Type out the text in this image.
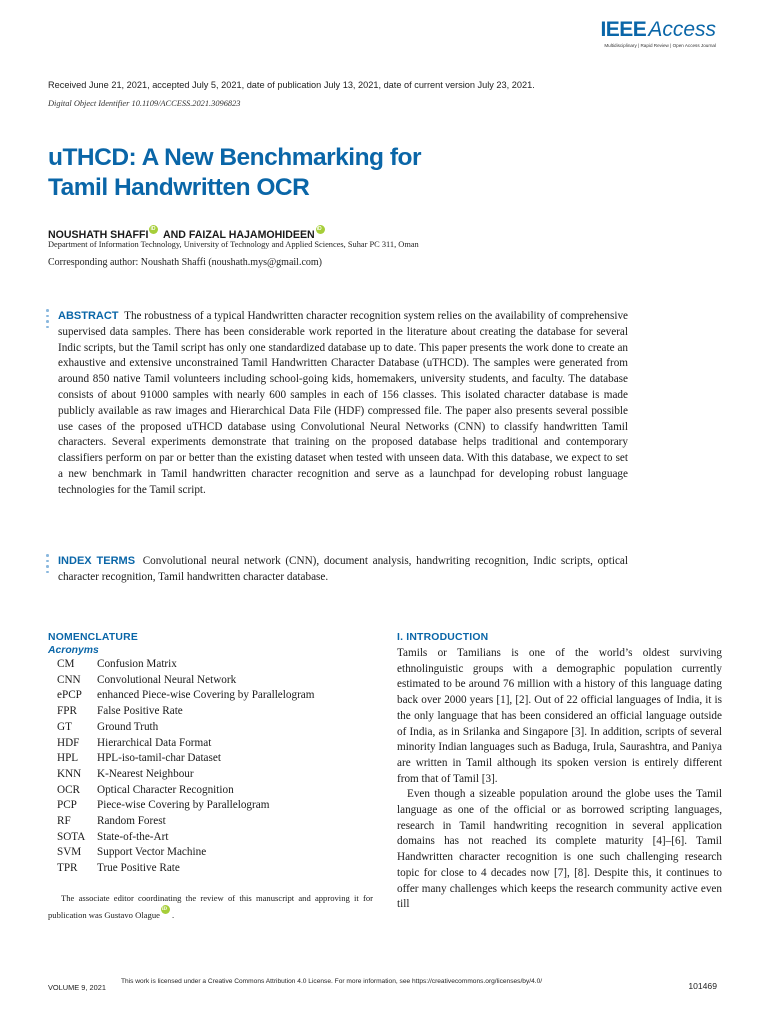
IEEEAccess
Multidisciplinary | Rapid Review | Open Access Journal
Received June 21, 2021, accepted July 5, 2021, date of publication July 13, 2021, date of current version July 23, 2021.
Digital Object Identifier 10.1109/ACCESS.2021.3096823
uTHCD: A New Benchmarking for
Tamil Handwritten OCR
NOUSHATH SHAFFIiD AND FAIZAL HAJAMOHIDEENiD
Department of Information Technology, University of Technology and Applied Sciences, Suhar PC 311, Oman
Corresponding author: Noushath Shaffi (noushath.mys@gmail.com)
ABSTRACT The robustness of a typical Handwritten character recognition system relies on the availability of comprehensive supervised data samples. There has been considerable work reported in the literature about creating the database for several Indic scripts, but the Tamil script has only one standardized database up to date. This paper presents the work done to create an exhaustive and extensive unconstrained Tamil Handwritten Character Database (uTHCD). The samples were generated from around 850 native Tamil volunteers including school-going kids, homemakers, university students, and faculty. The database consists of about 91000 samples with nearly 600 samples in each of 156 classes. This isolated character database is made publicly available as raw images and Hierarchical Data File (HDF) compressed file. The paper also presents several possible use cases of the proposed uTHCD database using Convolutional Neural Networks (CNN) to classify handwritten Tamil characters. Several experiments demonstrate that training on the proposed database helps traditional and contemporary classifiers perform on par or better than the existing dataset when tested with unseen data. With this database, we expect to set a new benchmark in Tamil handwritten character recognition and serve as a launchpad for developing robust language technologies for the Tamil script.
INDEX TERMS Convolutional neural network (CNN), document analysis, handwriting recognition, Indic scripts, optical character recognition, Tamil handwritten character database.
NOMENCLATURE
Acronyms
CM	Confusion Matrix
CNN	Convolutional Neural Network
ePCP	enhanced Piece-wise Covering by Parallelogram
FPR	False Positive Rate
GT	Ground Truth
HDF	Hierarchical Data Format
HPL	HPL-iso-tamil-char Dataset
KNN	K-Nearest Neighbour
OCR	Optical Character Recognition
PCP	Piece-wise Covering by Parallelogram
RF	Random Forest
SOTA	State-of-the-Art
SVM	Support Vector Machine
TPR	True Positive Rate
The associate editor coordinating the review of this manuscript and approving it for publication was Gustavo OlagueiD .
I. INTRODUCTION

Tamils or Tamilians is one of the world’s oldest surviving ethnolinguistic groups with a demographic population currently estimated to be around 76 million with a history of this language dating back over 2000 years [1], [2]. Out of 22 official languages of India, it is the only language that has been considered an official language outside of India, as in Srilanka and Singapore [3]. In addition, scripts of several minority Indian languages such as Baduga, Irula, Saurashtra, and Paniya are written in Tamil although its spoken version is entirely different from that of Tamil [3].

Even though a sizeable population around the globe uses the Tamil language as one of the official or as borrowed scripting languages, research in Tamil handwriting recognition in several application domains has not reached its complete maturity [4]–[6]. Tamil Handwritten character recognition is one such challenging research topic for close to 4 decades now [7], [8]. Despite this, it continues to offer many challenges which keeps the research community active even till

VOLUME 9, 2021
This work is licensed under a Creative Commons Attribution 4.0 License. For more information, see https://creativecommons.org/licenses/by/4.0/	101469
